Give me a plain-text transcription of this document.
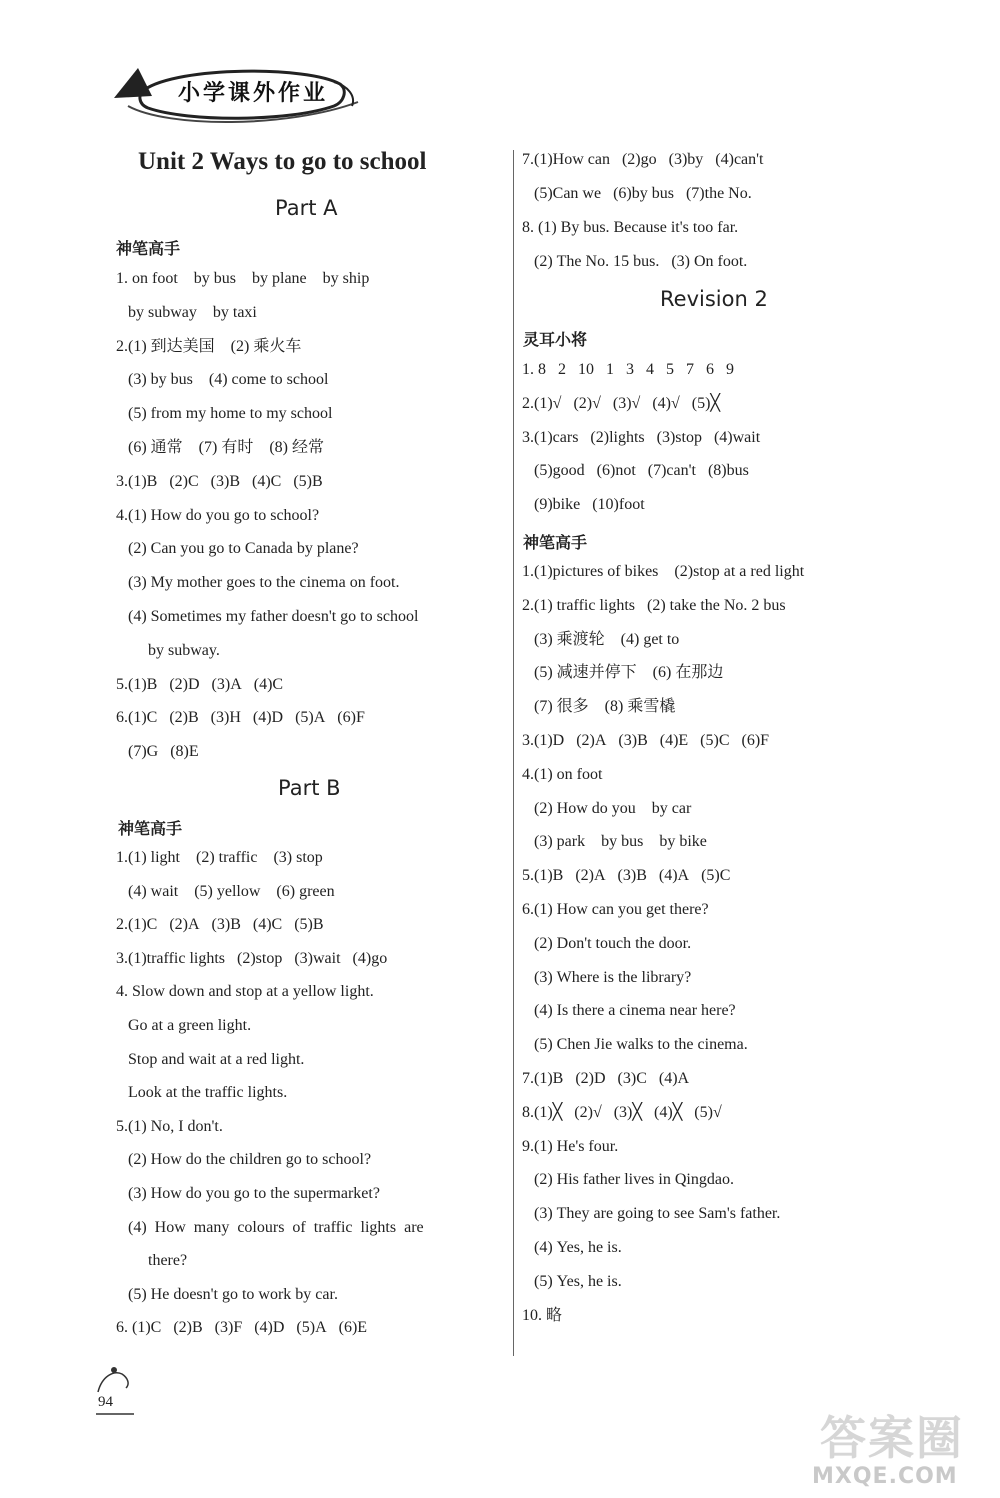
小学课外作业
Unit 2 Ways to go to school
Part A
神笔高手
1. on foot    by bus    by plane    by ship
by subway    by taxi
2.(1) 到达美国    (2) 乘火车
(3) by bus    (4) come to school
(5) from my home to my school
(6) 通常    (7) 有时    (8) 经常
3.(1)B   (2)C   (3)B   (4)C   (5)B
4.(1) How do you go to school?
(2) Can you go to Canada by plane?
(3) My mother goes to the cinema on foot.
(4) Sometimes my father doesn't go to school
by subway.
5.(1)B   (2)D   (3)A   (4)C
6.(1)C   (2)B   (3)H   (4)D   (5)A   (6)F
(7)G   (8)E
Part B
神笔高手
1.(1) light    (2) traffic    (3) stop
(4) wait    (5) yellow    (6) green
2.(1)C   (2)A   (3)B   (4)C   (5)B
3.(1)traffic lights   (2)stop   (3)wait   (4)go
4. Slow down and stop at a yellow light.
Go at a green light.
Stop and wait at a red light.
Look at the traffic lights.
5.(1) No, I don't.
(2) How do the children go to school?
(3) How do you go to the supermarket?
(4)  How  many  colours  of  traffic  lights  are
there?
(5) He doesn't go to work by car.
6. (1)C   (2)B   (3)F   (4)D   (5)A   (6)E
7.(1)How can   (2)go   (3)by   (4)can't
(5)Can we   (6)by bus   (7)the No.
8. (1) By bus. Because it's too far.
(2) The No. 15 bus.   (3) On foot.
Revision 2
灵耳小将
1. 8   2   10   1   3   4   5   7   6   9
2.(1)√   (2)√   (3)√   (4)√   (5)╳
3.(1)cars   (2)lights   (3)stop   (4)wait
(5)good   (6)not   (7)can't   (8)bus
(9)bike   (10)foot
神笔高手
1.(1)pictures of bikes    (2)stop at a red light
2.(1) traffic lights   (2) take the No. 2 bus
(3) 乘渡轮    (4) get to
(5) 减速并停下    (6) 在那边
(7) 很多    (8) 乘雪橇
3.(1)D   (2)A   (3)B   (4)E   (5)C   (6)F
4.(1) on foot
(2) How do you    by car
(3) park    by bus    by bike
5.(1)B   (2)A   (3)B   (4)A   (5)C
6.(1) How can you get there?
(2) Don't touch the door.
(3) Where is the library?
(4) Is there a cinema near here?
(5) Chen Jie walks to the cinema.
7.(1)B   (2)D   (3)C   (4)A
8.(1)╳   (2)√   (3)╳   (4)╳   (5)√
9.(1) He's four.
(2) His father lives in Qingdao.
(3) They are going to see Sam's father.
(4) Yes, he is.
(5) Yes, he is.
10. 略
94
答案圈
MXQE.COM
